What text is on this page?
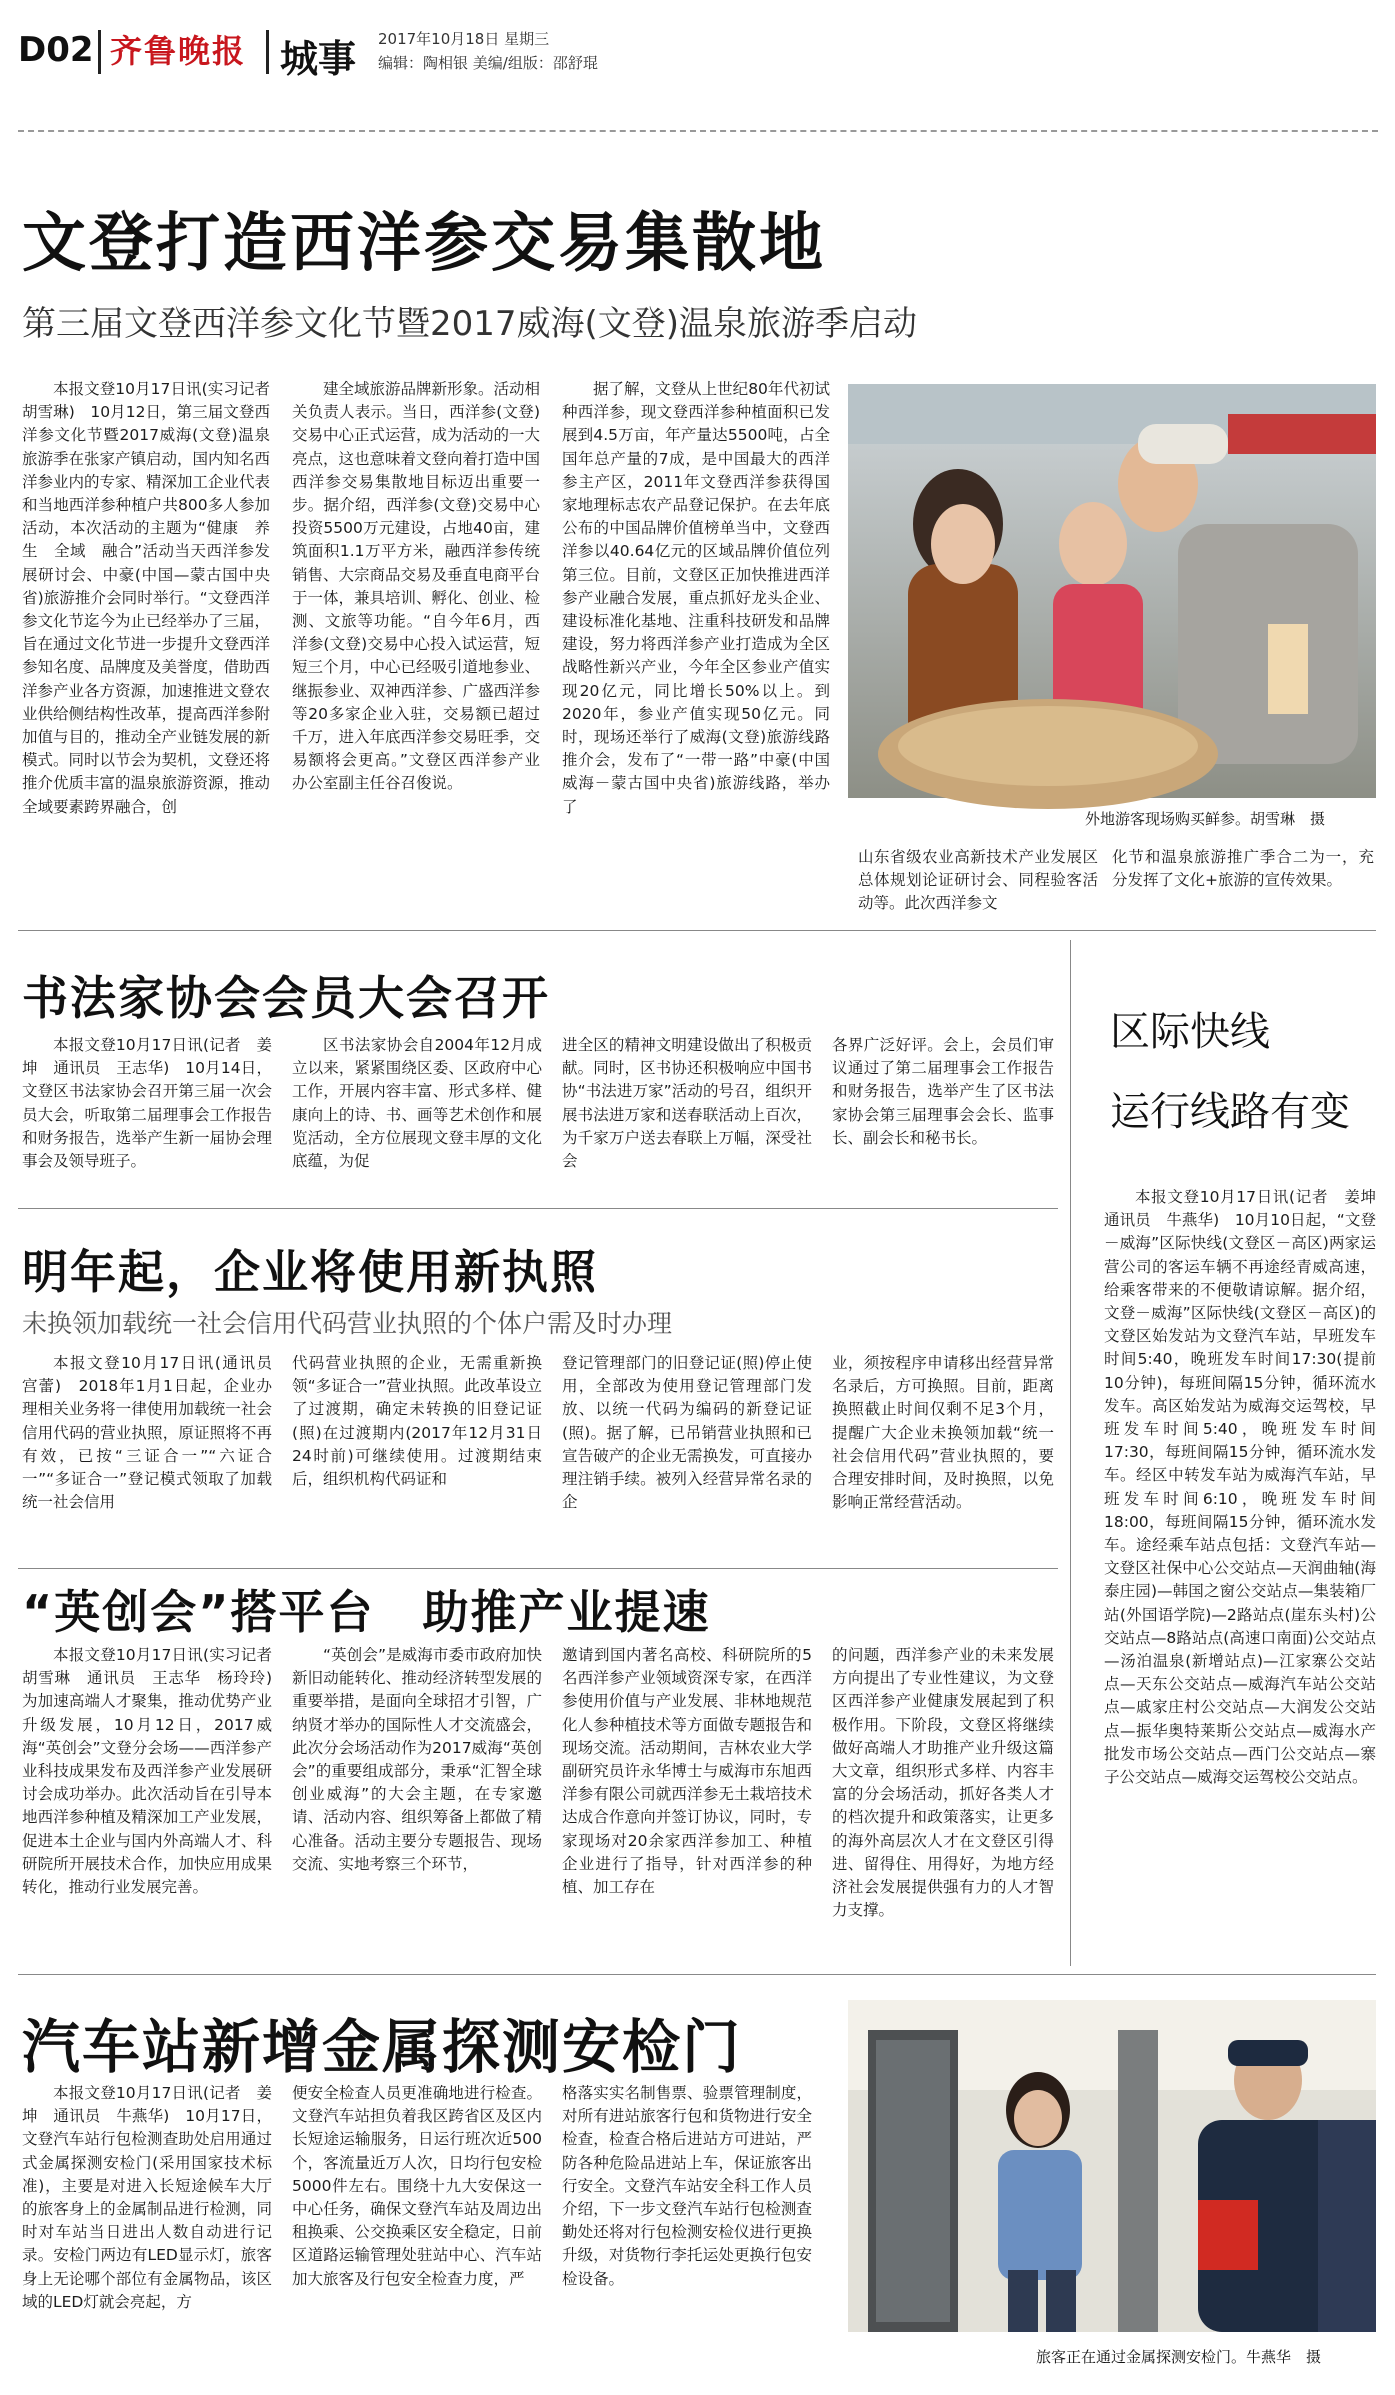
D02 齐鲁晚报 城事 2017年10月18日 星期三
编辑：陶相银 美编/组版：邵舒琨
文登打造西洋参交易集散地
第三届文登西洋参文化节暨2017威海(文登)温泉旅游季启动

本报文登10月17日讯(实习记者　胡雪琳)　10月12日，第三届文登西洋参文化节暨2017威海(文登)温泉旅游季在张家产镇启动，国内知名西洋参业内的专家、精深加工企业代表和当地西洋参种植户共800多人参加活动，本次活动的主题为“健康　养生　全域　融合”活动当天西洋参发展研讨会、中豪(中国—蒙古国中央省)旅游推介会同时举行。“文登西洋参文化节迄今为止已经举办了三届，旨在通过文化节进一步提升文登西洋参知名度、品牌度及美誉度，借助西洋参产业各方资源，加速推进文登农业供给侧结构性改革，提高西洋参附加值与目的，推动全产业链发展的新模式。同时以节会为契机，文登还将推介优质丰富的温泉旅游资源，推动全域要素跨界融合，创

建全域旅游品牌新形象。活动相关负责人表示。当日，西洋参(文登)交易中心正式运营，成为活动的一大亮点，这也意味着文登向着打造中国西洋参交易集散地目标迈出重要一步。据介绍，西洋参(文登)交易中心投资5500万元建设，占地40亩，建筑面积1.1万平方米，融西洋参传统销售、大宗商品交易及垂直电商平台于一体，兼具培训、孵化、创业、检测、文旅等功能。“自今年6月，西洋参(文登)交易中心投入试运营，短短三个月，中心已经吸引道地参业、继振参业、双神西洋参、广盛西洋参等20多家企业入驻，交易额已超过千万，进入年底西洋参交易旺季，交易额将会更高。”文登区西洋参产业办公室副主任谷召俊说。

据了解，文登从上世纪80年代初试种西洋参，现文登西洋参种植面积已发展到4.5万亩，年产量达5500吨，占全国年总产量的7成，是中国最大的西洋参主产区，2011年文登西洋参获得国家地理标志农产品登记保护。在去年底公布的中国品牌价值榜单当中，文登西洋参以40.64亿元的区域品牌价值位列第三位。目前，文登区正加快推进西洋参产业融合发展，重点抓好龙头企业、建设标准化基地、注重科技研发和品牌建设，努力将西洋参产业打造成为全区战略性新兴产业，今年全区参业产值实现20亿元，同比增长50%以上。到2020年，参业产值实现50亿元。同时，现场还举行了威海(文登)旅游线路推介会，发布了“一带一路”中豪(中国威海－蒙古国中央省)旅游线路，举办了

外地游客现场购买鲜参。胡雪琳　摄

山东省级农业高新技术产业发展区总体规划论证研讨会、同程验客活动等。此次西洋参文

化节和温泉旅游推广季合二为一，充分发挥了文化+旅游的宣传效果。

书法家协会会员大会召开

本报文登10月17日讯(记者　姜坤　通讯员　王志华)　10月14日，文登区书法家协会召开第三届一次会员大会，听取第二届理事会工作报告和财务报告，选举产生新一届协会理事会及领导班子。

区书法家协会自2004年12月成立以来，紧紧围绕区委、区政府中心工作，开展内容丰富、形式多样、健康向上的诗、书、画等艺术创作和展览活动，全方位展现文登丰厚的文化底蕴，为促

进全区的精神文明建设做出了积极贡献。同时，区书协还积极响应中国书协“书法进万家”活动的号召，组织开展书法进万家和送春联活动上百次，为千家万户送去春联上万幅，深受社会

各界广泛好评。会上，会员们审议通过了第二届理事会工作报告和财务报告，选举产生了区书法家协会第三届理事会会长、监事长、副会长和秘书长。

明年起，企业将使用新执照
未换领加载统一社会信用代码营业执照的个体户需及时办理

本报文登10月17日讯(通讯员　宫蕾)　2018年1月1日起，企业办理相关业务将一律使用加载统一社会信用代码的营业执照，原证照将不再有效，已按“三证合一”“六证合一”“多证合一”登记模式领取了加载统一社会信用

代码营业执照的企业，无需重新换领“多证合一”营业执照。此改革设立了过渡期，确定未转换的旧登记证(照)在过渡期内(2017年12月31日24时前)可继续使用。过渡期结束后，组织机构代码证和

登记管理部门的旧登记证(照)停止使用，全部改为使用登记管理部门发放、以统一代码为编码的新登记证(照)。据了解，已吊销营业执照和已宣告破产的企业无需换发，可直接办理注销手续。被列入经营异常名录的企

业，须按程序申请移出经营异常名录后，方可换照。目前，距离换照截止时间仅剩不足3个月，提醒广大企业未换领加载“统一社会信用代码”营业执照的，要合理安排时间，及时换照，以免影响正常经营活动。

“英创会”搭平台　助推产业提速

本报文登10月17日讯(实习记者　胡雪琳　通讯员　王志华　杨玲玲)　为加速高端人才聚集，推动优势产业升级发展，10月12日，2017威海“英创会”文登分会场——西洋参产业科技成果发布及西洋参产业发展研讨会成功举办。此次活动旨在引导本地西洋参种植及精深加工产业发展，促进本土企业与国内外高端人才、科研院所开展技术合作，加快应用成果转化，推动行业发展完善。

“英创会”是威海市委市政府加快新旧动能转化、推动经济转型发展的重要举措，是面向全球招才引智，广纳贤才举办的国际性人才交流盛会，此次分会场活动作为2017威海“英创会”的重要组成部分，秉承“汇智全球创业威海”的大会主题，在专家邀请、活动内容、组织筹备上都做了精心准备。活动主要分专题报告、现场交流、实地考察三个环节，

邀请到国内著名高校、科研院所的5名西洋参产业领域资深专家，在西洋参使用价值与产业发展、非林地规范化人参种植技术等方面做专题报告和现场交流。活动期间，吉林农业大学副研究员许永华博士与威海市东旭西洋参有限公司就西洋参无土栽培技术达成合作意向并签订协议，同时，专家现场对20余家西洋参加工、种植企业进行了指导，针对西洋参的种植、加工存在

的问题，西洋参产业的未来发展方向提出了专业性建议，为文登区西洋参产业健康发展起到了积极作用。下阶段，文登区将继续做好高端人才助推产业升级这篇大文章，组织形式多样、内容丰富的分会场活动，抓好各类人才的档次提升和政策落实，让更多的海外高层次人才在文登区引得进、留得住、用得好，为地方经济社会发展提供强有力的人才智力支撑。

区际快线
运行线路有变

本报文登10月17日讯(记者　姜坤　通讯员　牛燕华)　10月10日起，“文登－威海”区际快线(文登区－高区)两家运营公司的客运车辆不再途经青威高速，给乘客带来的不便敬请谅解。据介绍，文登－威海”区际快线(文登区－高区)的文登区始发站为文登汽车站，早班发车时间5:40，晚班发车时间17:30(提前10分钟)，每班间隔15分钟，循环流水发车。高区始发站为威海交运驾校，早班发车时间5:40，晚班发车时间17:30，每班间隔15分钟，循环流水发车。经区中转发车站为威海汽车站，早班发车时间6:10，晚班发车时间18:00，每班间隔15分钟，循环流水发车。途经乘车站点包括：文登汽车站—文登区社保中心公交站点—天润曲轴(海泰庄园)—韩国之窗公交站点—集装箱厂站(外国语学院)—2路站点(崖东头村)公交站点—8路站点(高速口南面)公交站点—汤泊温泉(新增站点)—江家寨公交站点—天东公交站点—威海汽车站公交站点—戚家庄村公交站点—大润发公交站点—振华奥特莱斯公交站点—威海水产批发市场公交站点—西门公交站点—寨子公交站点—威海交运驾校公交站点。

汽车站新增金属探测安检门

本报文登10月17日讯(记者　姜坤　通讯员　牛燕华)　10月17日，文登汽车站行包检测查助处启用通过式金属探测安检门(采用国家技术标准)，主要是对进入长短途候车大厅的旅客身上的金属制品进行检测，同时对车站当日进出人数自动进行记录。安检门两边有LED显示灯，旅客身上无论哪个部位有金属物品，该区域的LED灯就会亮起，方

便安全检查人员更准确地进行检查。文登汽车站担负着我区跨省区及区内长短途运输服务，日运行班次近500个，客流量近万人次，日均行包安检5000件左右。围绕十九大安保这一中心任务，确保文登汽车站及周边出租换乘、公交换乘区安全稳定，日前区道路运输管理处驻站中心、汽车站加大旅客及行包安全检查力度，严

格落实实名制售票、验票管理制度，对所有进站旅客行包和货物进行安全检查，检查合格后进站方可进站，严防各种危险品进站上车，保证旅客出行安全。文登汽车站安全科工作人员介绍，下一步文登汽车站行包检测查勤处还将对行包检测安检仪进行更换升级，对货物行李托运处更换行包安检设备。

旅客正在通过金属探测安检门。牛燕华　摄
